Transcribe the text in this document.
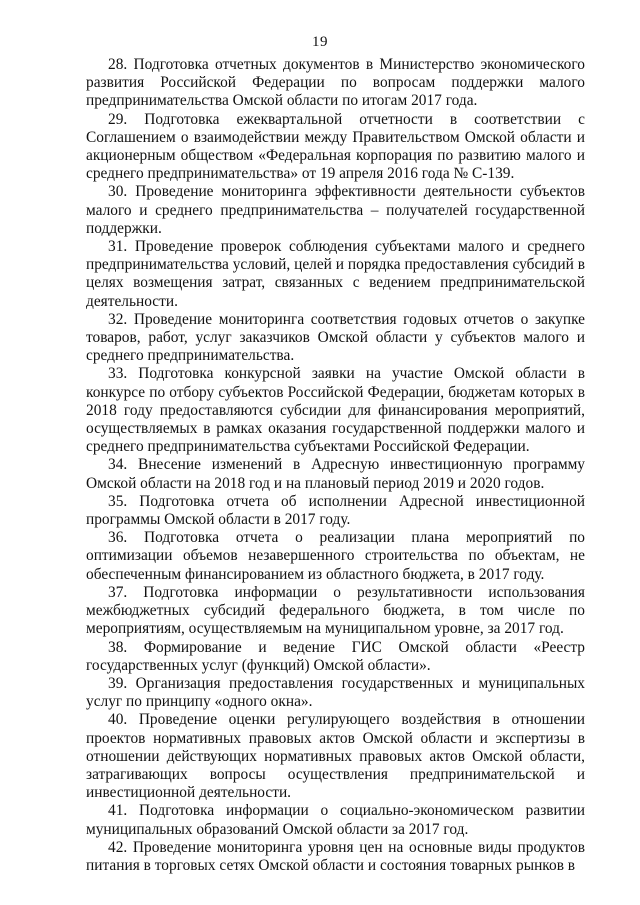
19

28. Подготовка отчетных документов в Министерство экономического развития Российской Федерации по вопросам поддержки малого предпринимательства Омской области по итогам 2017 года.

29. Подготовка ежеквартальной отчетности в соответствии с Соглашением о взаимодействии между Правительством Омской области и акционерным обществом «Федеральная корпорация по развитию малого и среднего предпринимательства» от 19 апреля 2016 года № С-139.

30. Проведение мониторинга эффективности деятельности субъектов малого и среднего предпринимательства – получателей государственной поддержки.

31. Проведение проверок соблюдения субъектами малого и среднего предпринимательства условий, целей и порядка предоставления субсидий в целях возмещения затрат, связанных с ведением предпринимательской деятельности.

32. Проведение мониторинга соответствия годовых отчетов о закупке товаров, работ, услуг заказчиков Омской области у субъектов малого и среднего предпринимательства.

33. Подготовка конкурсной заявки на участие Омской области в конкурсе по отбору субъектов Российской Федерации, бюджетам которых в 2018 году предоставляются субсидии для финансирования мероприятий, осуществляемых в рамках оказания государственной поддержки малого и среднего предпринимательства субъектами Российской Федерации.

34. Внесение изменений в Адресную инвестиционную программу Омской области на 2018 год и на плановый период 2019 и 2020 годов.

35. Подготовка отчета об исполнении Адресной инвестиционной программы Омской области в 2017 году.

36. Подготовка отчета о реализации плана мероприятий по оптимизации объемов незавершенного строительства по объектам, не обеспеченным финансированием из областного бюджета, в 2017 году.

37. Подготовка информации о результативности использования межбюджетных субсидий федерального бюджета, в том числе по мероприятиям, осуществляемым на муниципальном уровне, за 2017 год.

38. Формирование и ведение ГИС Омской области «Реестр государственных услуг (функций) Омской области».

39. Организация предоставления государственных и муниципальных услуг по принципу «одного окна».

40. Проведение оценки регулирующего воздействия в отношении проектов нормативных правовых актов Омской области и экспертизы в отношении действующих нормативных правовых актов Омской области, затрагивающих вопросы осуществления предпринимательской и инвестиционной деятельности.

41. Подготовка информации о социально-экономическом развитии муниципальных образований Омской области за 2017 год.

42. Проведение мониторинга уровня цен на основные виды продуктов питания в торговых сетях Омской области и состояния товарных рынков в
